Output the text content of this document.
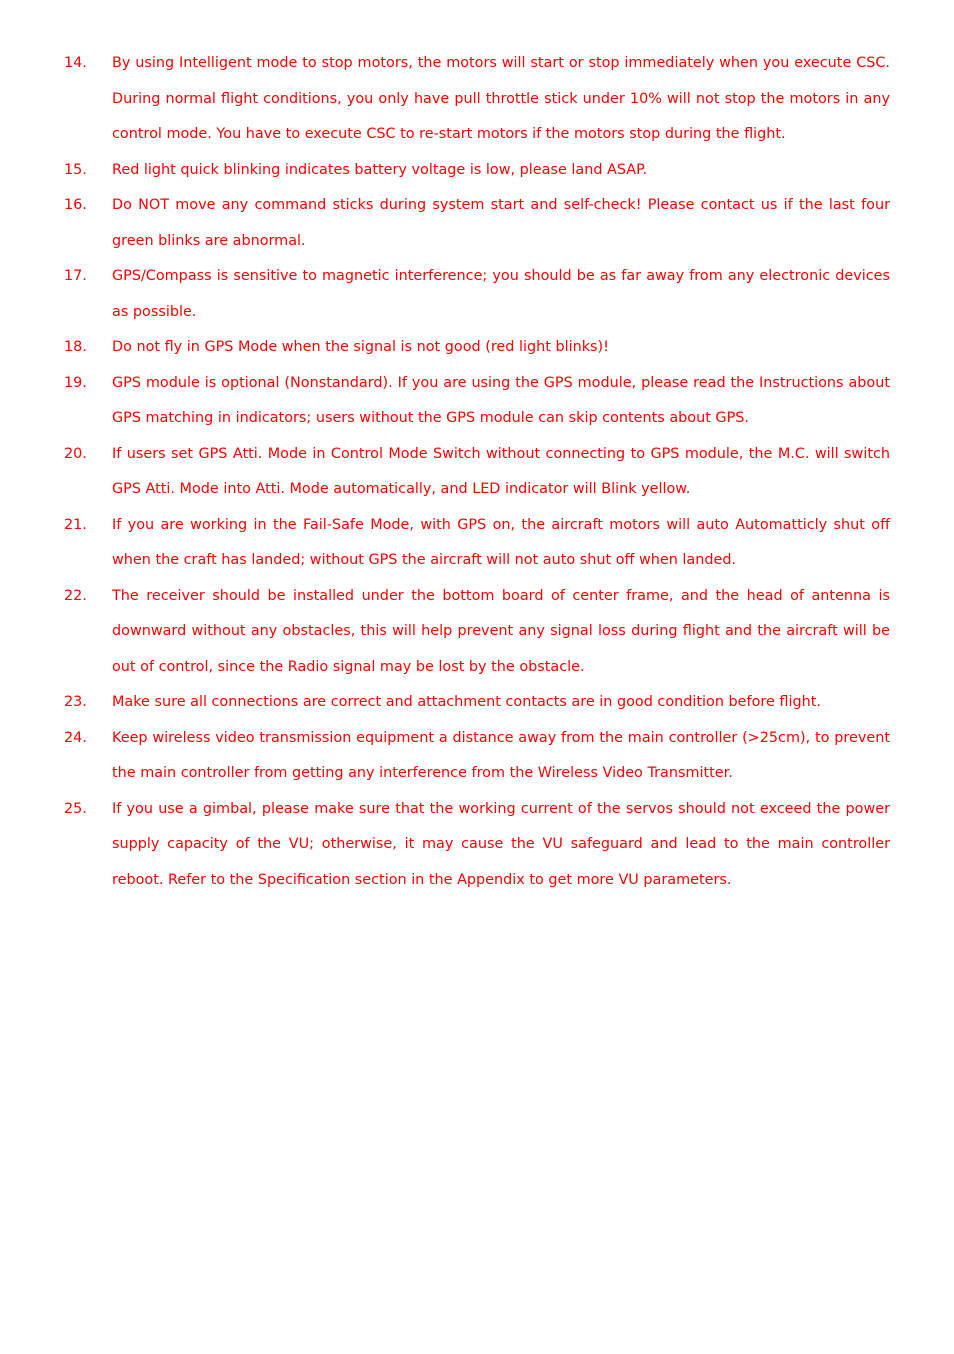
14.	By using Intelligent mode to stop motors, the motors will start or stop immediately when you execute CSC. During normal flight conditions, you only have pull throttle stick under 10% will not stop the motors in any control mode. You have to execute CSC to re-start motors if the motors stop during the flight.
15.	Red light quick blinking indicates battery voltage is low, please land ASAP.
16.	Do NOT move any command sticks during system start and self-check! Please contact us if the last four green blinks are abnormal.
17.	GPS/Compass is sensitive to magnetic interference; you should be as far away from any electronic devices as possible.
18.	Do not fly in GPS Mode when the signal is not good (red light blinks)!
19.	GPS module is optional (Nonstandard). If you are using the GPS module, please read the Instructions about GPS matching in indicators; users without the GPS module can skip contents about GPS.
20.	If users set GPS Atti. Mode in Control Mode Switch without connecting to GPS module, the M.C. will switch GPS Atti. Mode into Atti. Mode automatically, and LED indicator will Blink yellow.
21.	If you are working in the Fail-Safe Mode, with GPS on, the aircraft motors will auto Automatticly shut off when the craft has landed; without GPS the aircraft will not auto shut off when landed.
22.	The receiver should be installed under the bottom board of center frame, and the head of antenna is downward without any obstacles, this will help prevent any signal loss during flight and the aircraft will be out of control, since the Radio signal may be lost by the obstacle.
23.	Make sure all connections are correct and attachment contacts are in good condition before flight.
24.	Keep wireless video transmission equipment a distance away from the main controller (>25cm), to prevent the main controller from getting any interference from the Wireless Video Transmitter.
25.	If you use a gimbal, please make sure that the working current of the servos should not exceed the power supply capacity of the VU; otherwise, it may cause the VU safeguard and lead to the main controller reboot. Refer to the Specification section in the Appendix to get more VU parameters.
